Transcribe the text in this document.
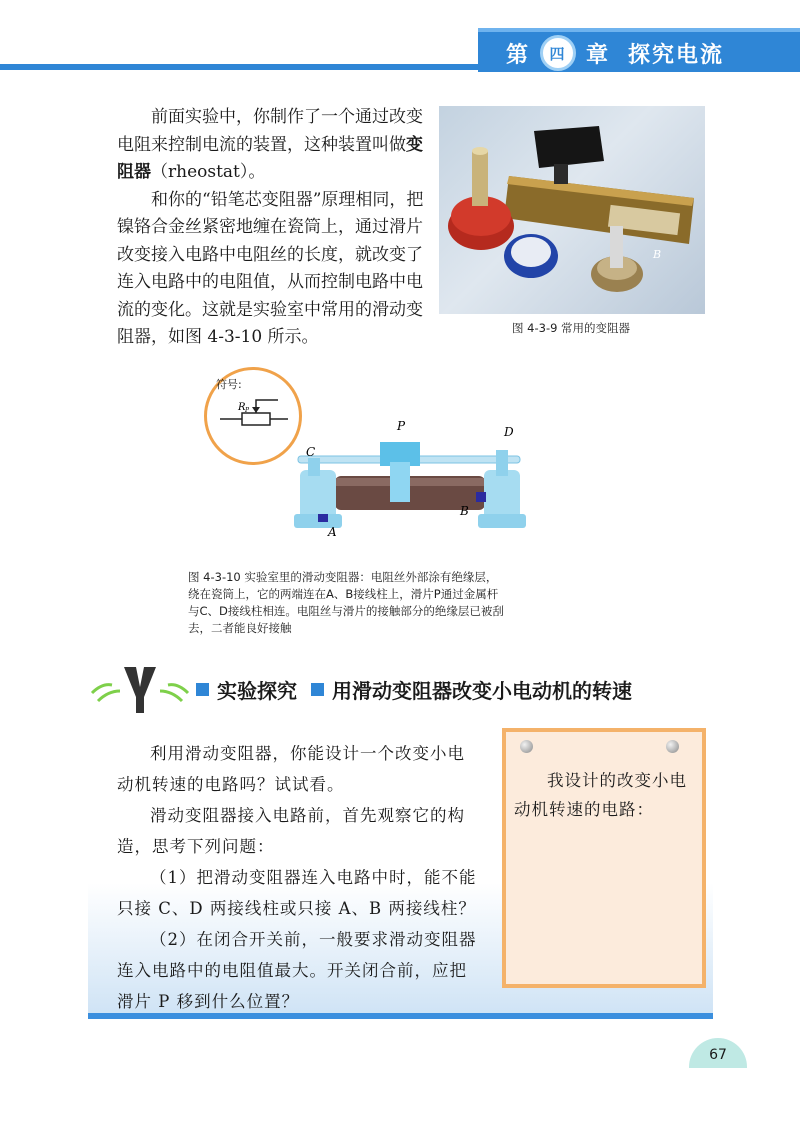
第	四 章 探究电流

前面实验中，你制作了一个通过改变电阻来控制电流的装置，这种装置叫做变阻器（rheostat）。

和你的“铅笔芯变阻器”原理相同，把镍铬合金丝紧密地缠在瓷筒上，通过滑片改变接入电路中电阻丝的长度，就改变了连入电路中的电阻值，从而控制电路中电流的变化。这就是实验室中常用的滑动变阻器，如图 4-3-10 所示。

B
图 4-3-9 常用的变阻器
符号:
R P
P
C
D
A
B

图 4-3-10 实验室里的滑动变阻器：电阻丝外部涂有绝缘层，

绕在瓷筒上，它的两端连在A、B接线柱上，滑片P通过金属杆

与C、D接线柱相连。电阻丝与滑片的接触部分的绝缘层已被刮

去，二者能良好接触

实验探究 用滑动变阻器改变小电动机的转速

利用滑动变阻器，你能设计一个改变小电动机转速的电路吗？试试看。

滑动变阻器接入电路前，首先观察它的构造，思考下列问题：

（1）把滑动变阻器连入电路中时，能不能只接 C、D 两接线柱或只接 A、B 两接线柱？

（2）在闭合开关前，一般要求滑动变阻器连入电路中的电阻值最大。开关闭合前，应把滑片 P 移到什么位置？

我设计的改变小电动机转速的电路：

67
